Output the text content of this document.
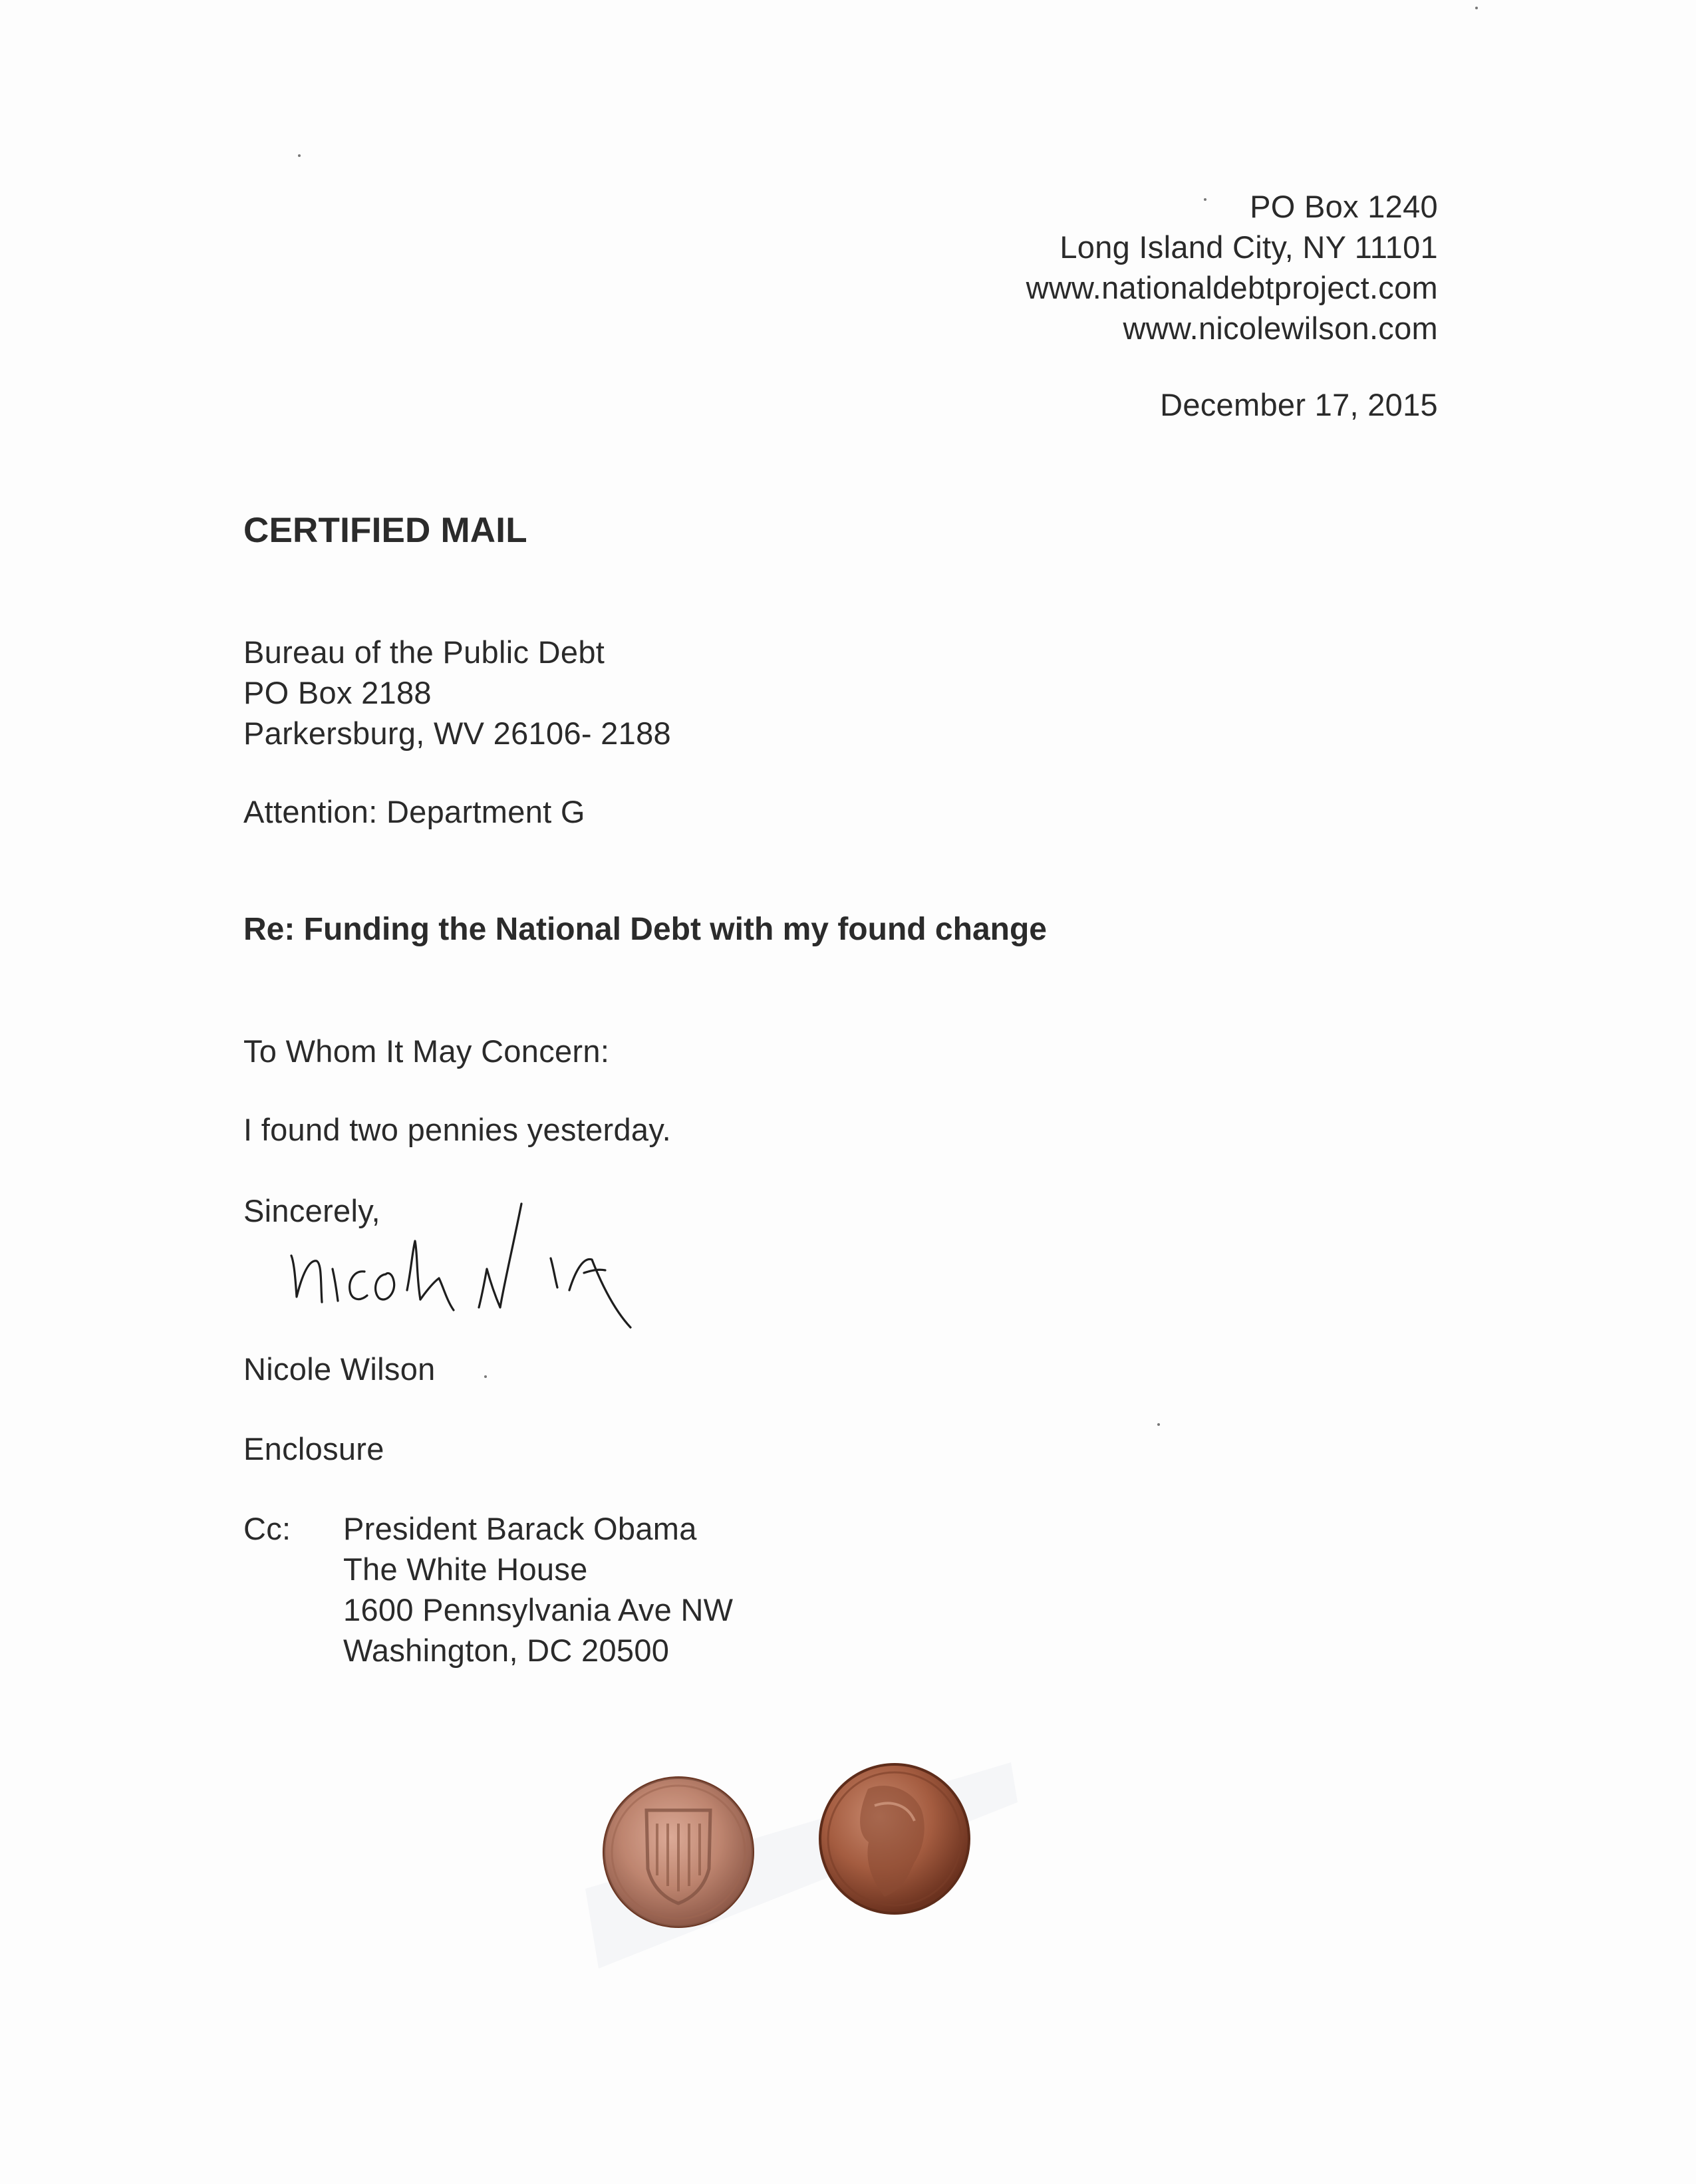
PO Box 1240
Long Island City, NY 11101
www.nationaldebtproject.com
www.nicolewilson.com
December 17, 2015
CERTIFIED MAIL
Bureau of the Public Debt
PO Box 2188
Parkersburg, WV 26106- 2188
Attention: Department G
Re: Funding the National Debt with my found change
To Whom It May Concern:
I found two pennies yesterday.
Sincerely,
Nicole Wilson
Enclosure
Cc: President Barack Obama
The White House
1600 Pennsylvania Ave NW
Washington, DC 20500
